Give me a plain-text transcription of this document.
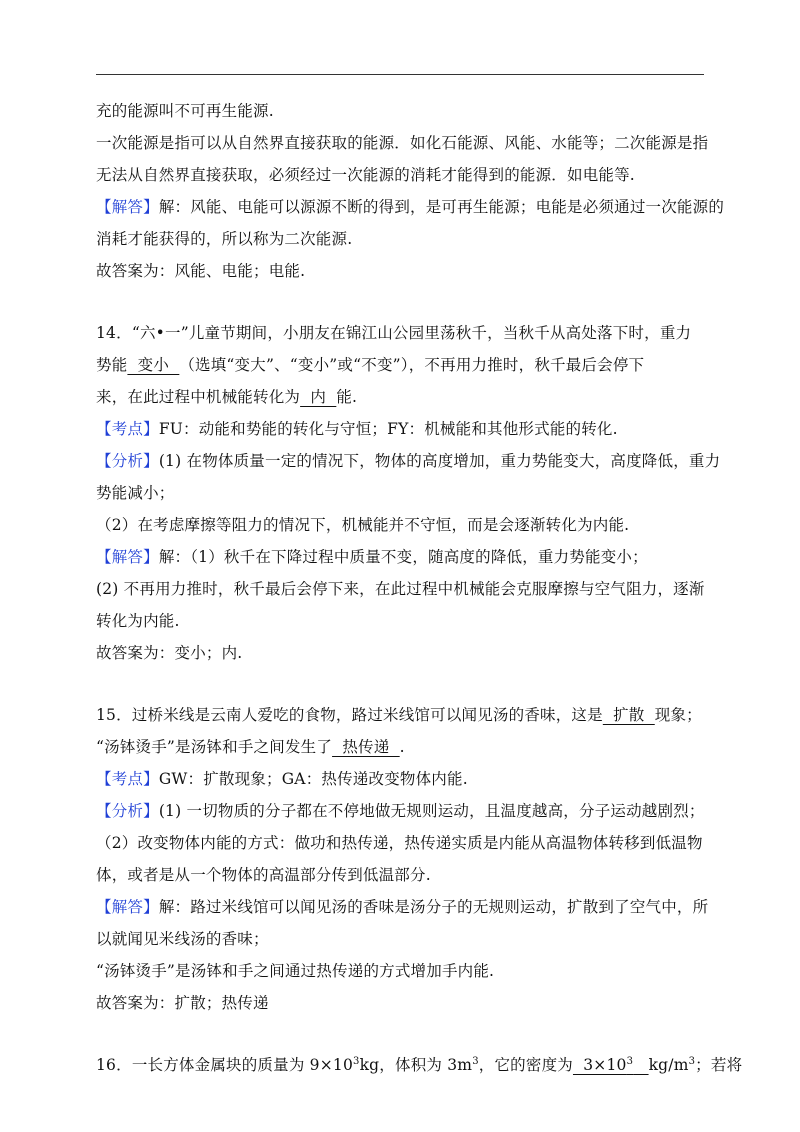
充的能源叫不可再生能源.
一次能源是指可以从自然界直接获取的能源．如化石能源、风能、水能等；二次能源是指
无法从自然界直接获取，必须经过一次能源的消耗才能得到的能源．如电能等.
【解答】解：风能、电能可以源源不断的得到，是可再生能源；电能是必须通过一次能源的
消耗才能获得的，所以称为二次能源.
故答案为：风能、电能；电能.
14．“六•一”儿童节期间，小朋友在锦江山公园里荡秋千，当秋千从高处落下时，重力
势能  变小  （选填“变大”、“变小”或“不变”），不再用力推时，秋千最后会停下
来，在此过程中机械能转化为  内  能.
【考点】FU：动能和势能的转化与守恒；FY：机械能和其他形式能的转化.
【分析】(1) 在物体质量一定的情况下，物体的高度增加，重力势能变大，高度降低，重力
势能减小；
（2）在考虑摩擦等阻力的情况下，机械能并不守恒，而是会逐渐转化为内能.
【解答】解：（1）秋千在下降过程中质量不变，随高度的降低，重力势能变小；
(2) 不再用力推时，秋千最后会停下来，在此过程中机械能会克服摩擦与空气阻力，逐渐
转化为内能.
故答案为：变小；内.
15．过桥米线是云南人爱吃的食物，路过米线馆可以闻见汤的香味，这是  扩散  现象；
“汤钵烫手”是汤钵和手之间发生了  热传递  .
【考点】GW：扩散现象；GA：热传递改变物体内能.
【分析】(1) 一切物质的分子都在不停地做无规则运动，且温度越高，分子运动越剧烈；
（2）改变物体内能的方式：做功和热传递，热传递实质是内能从高温物体转移到低温物
体，或者是从一个物体的高温部分传到低温部分.
【解答】解：路过米线馆可以闻见汤的香味是汤分子的无规则运动，扩散到了空气中，所
以就闻见米线汤的香味；
“汤钵烫手”是汤钵和手之间通过热传递的方式增加手内能.
故答案为：扩散；热传递
16．一长方体金属块的质量为 $9\times 10^3kg$，体积为 $3m^3$，它的密度为  $3\times 10^3$ $kg/m^3$；若将
